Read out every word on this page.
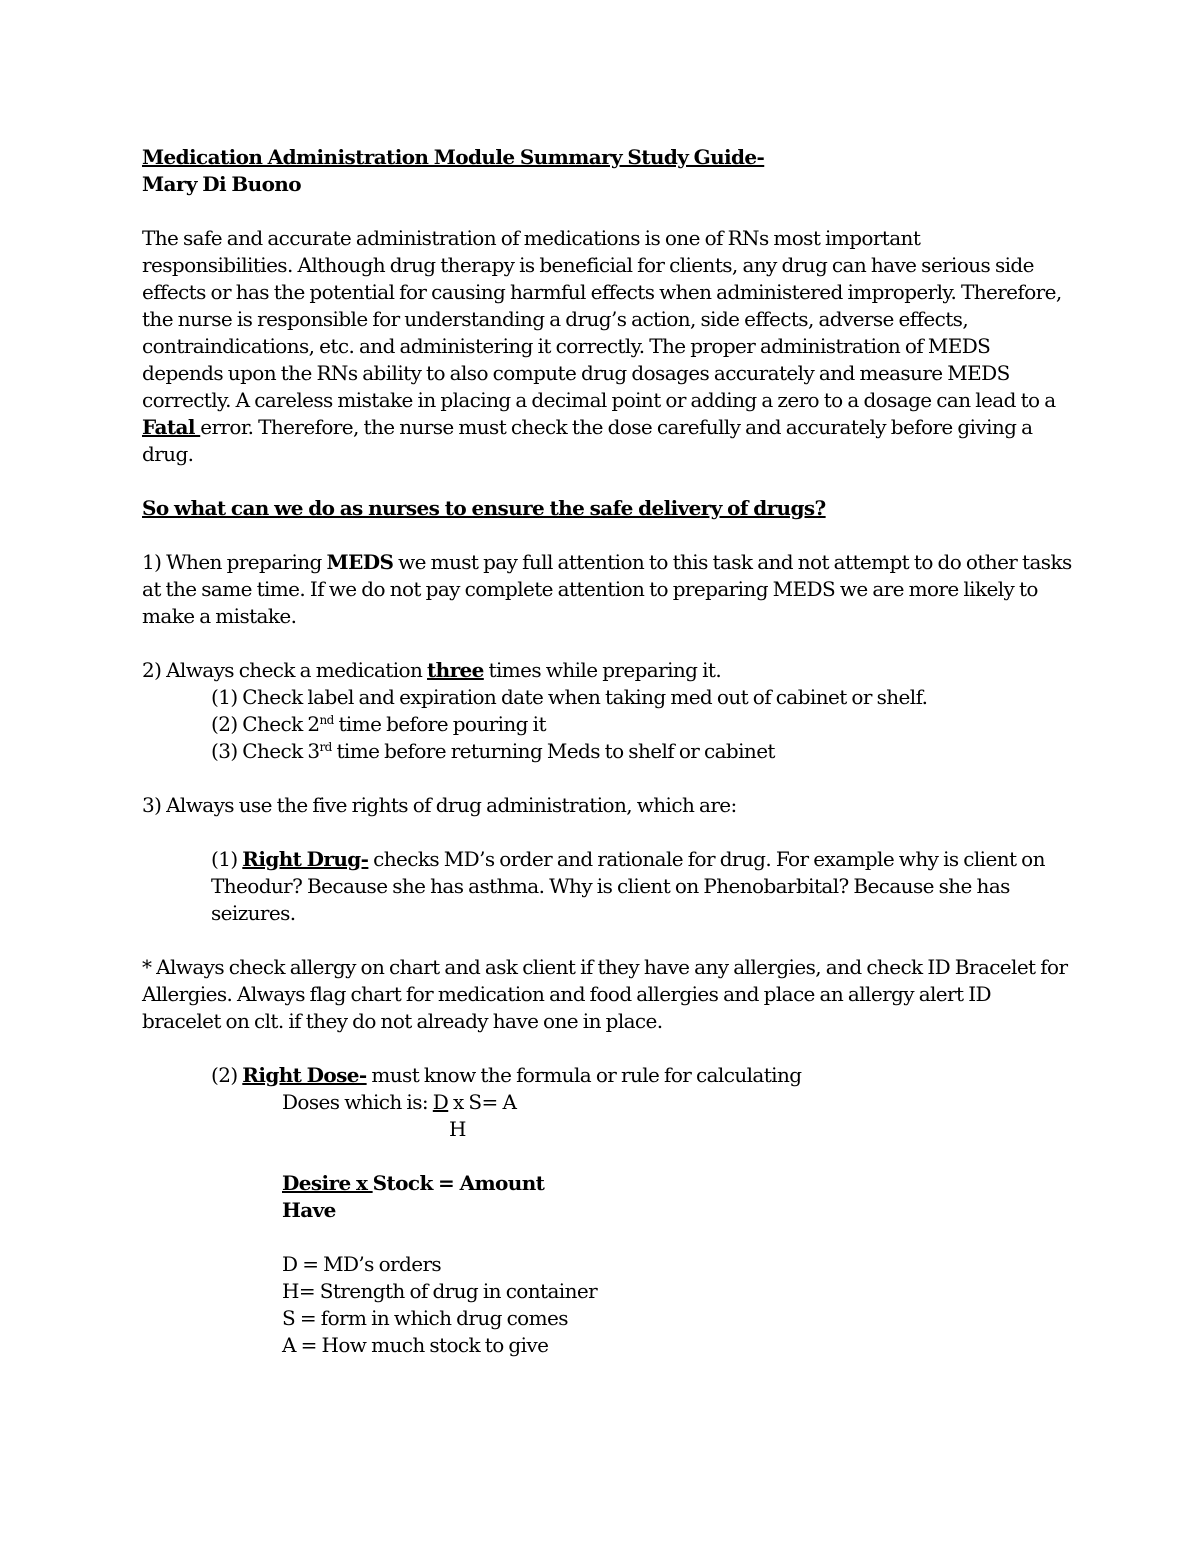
Medication Administration Module Summary Study Guide-

Mary Di Buono

The safe and accurate administration of medications is one of RNs most important responsibilities. Although drug therapy is beneficial for clients, any drug can have serious side effects or has the potential for causing harmful effects when administered improperly. Therefore, the nurse is responsible for understanding a drug’s action, side effects, adverse effects, contraindications, etc. and administering it correctly. The proper administration of MEDS depends upon the RNs ability to also compute drug dosages accurately and measure MEDS correctly. A careless mistake in placing a decimal point or adding a zero to a dosage can lead to a Fatal error. Therefore, the nurse must check the dose carefully and accurately before giving a drug.

So what can we do as nurses to ensure the safe delivery of drugs?

1) When preparing MEDS we must pay full attention to this task and not attempt to do other tasks at the same time. If we do not pay complete attention to preparing MEDS we are more likely to make a mistake.

2) Always check a medication three times while preparing it.

(1) Check label and expiration date when taking med out of cabinet or shelf.

(2) Check 2nd time before pouring it

(3) Check 3rd time before returning Meds to shelf or cabinet

3) Always use the five rights of drug administration, which are:

(1) Right Drug- checks MD’s order and rationale for drug. For example why is client on Theodur? Because she has asthma. Why is client on Phenobarbital? Because she has seizures.

* Always check allergy on chart and ask client if they have any allergies, and check ID Bracelet for Allergies. Always flag chart for medication and food allergies and place an allergy alert ID bracelet on clt. if they do not already have one in place.

(2) Right Dose- must know the formula or rule for calculating

Doses which is: D x S= A

H

Desire x Stock = Amount

Have

D = MD’s orders

H= Strength of drug in container

S = form in which drug comes

A = How much stock to give
